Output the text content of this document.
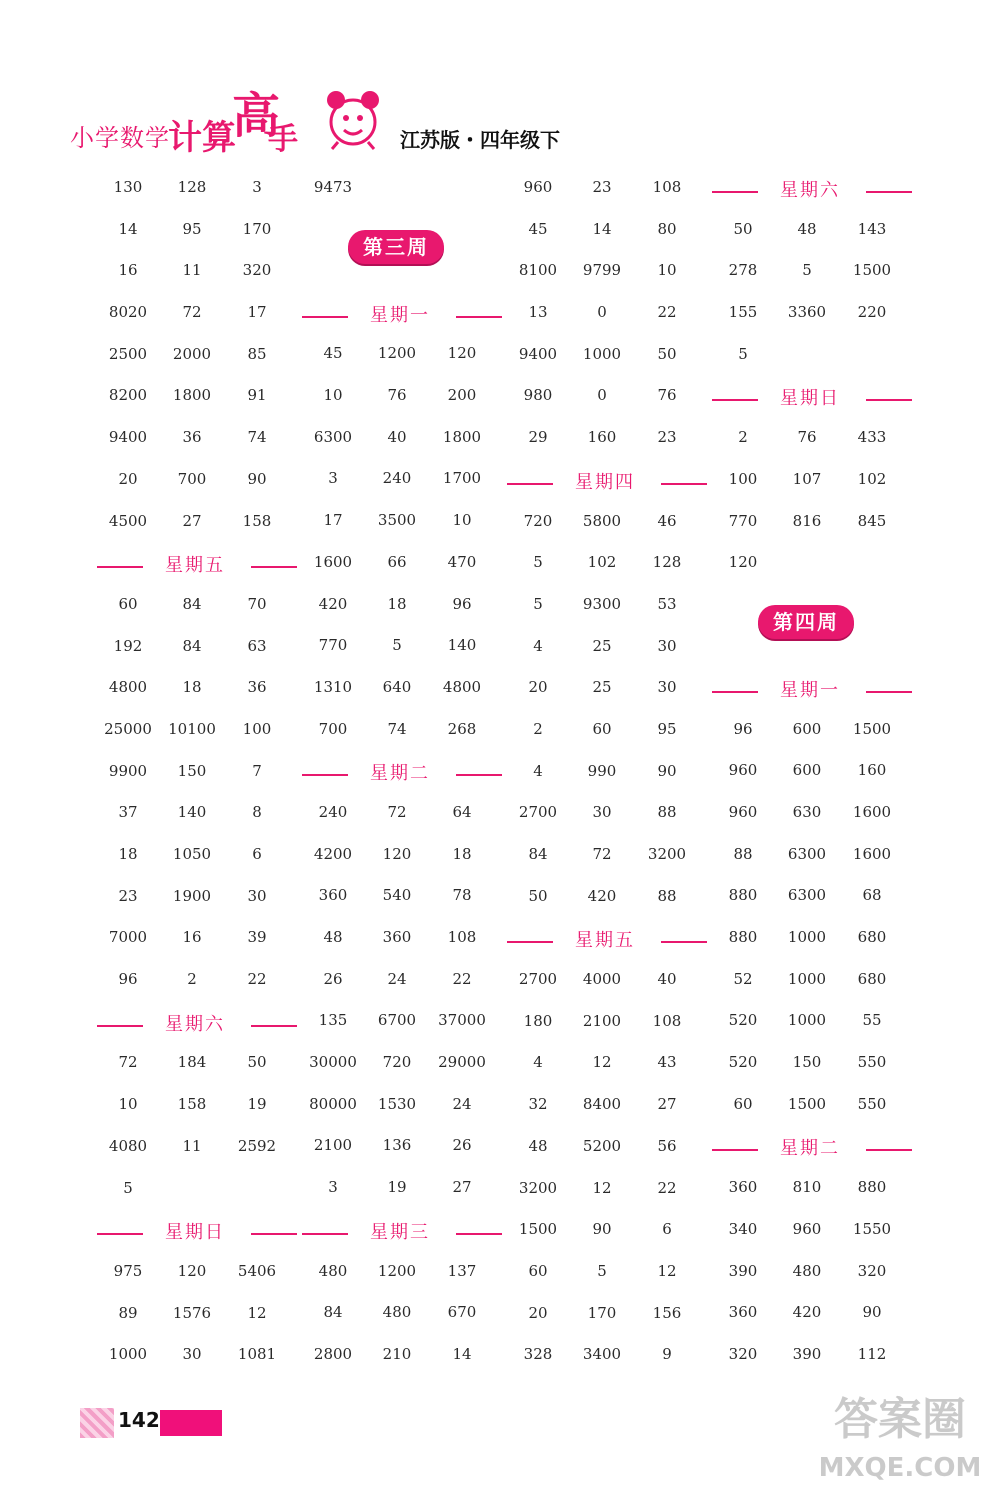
小学数学
计算
高
手	江苏版・四年级下
130	128	3
14	95	170
16	11	320
8020	72	17
2500	2000	85
8200	1800	91
9400	36	74
20	700	90
4500	27	158
星期五
60	84	70
192	84	63
4800	18	36
25000	10100	100
9900	150	7
37	140	8
18	1050	6
23	1900	30
7000	16	39
96	2	22
星期六
72	184	50
10	158	19
4080	11	2592
5
星期日
975	120	5406
89	1576	12
1000	30	1081
9473
第三周
星期一
45	1200	120
10	76	200
6300	40	1800
3	240	1700
17	3500	10
1600	66	470
420	18	96
770	5	140
1310	640	4800
700	74	268
星期二
240	72	64
4200	120	18
360	540	78
48	360	108
26	24	22
135	6700	37000
30000	720	29000
80000	1530	24
2100	136	26
3	19	27
星期三
480	1200	137
84	480	670
2800	210	14
960	23	108
45	14	80
8100	9799	10
13	0	22
9400	1000	50
980	0	76
29	160	23
星期四
720	5800	46
5	102	128
5	9300	53
4	25	30
20	25	30
2	60	95
4	990	90
2700	30	88
84	72	3200
50	420	88
星期五
2700	4000	40
180	2100	108
4	12	43
32	8400	27
48	5200	56
3200	12	22
1500	90	6
60	5	12
20	170	156
328	3400	9
星期六
50	48	143
278	5	1500
155	3360	220
5
星期日
2	76	433
100	107	102
770	816	845
120
第四周
星期一
96	600	1500
960	600	160
960	630	1600
88	6300	1600
880	6300	68
880	1000	680
52	1000	680
520	1000	55
520	150	550
60	1500	550
星期二
360	810	880
340	960	1550
390	480	320
360	420	90
320	390	112
142	答案圈
MXQE.COM
